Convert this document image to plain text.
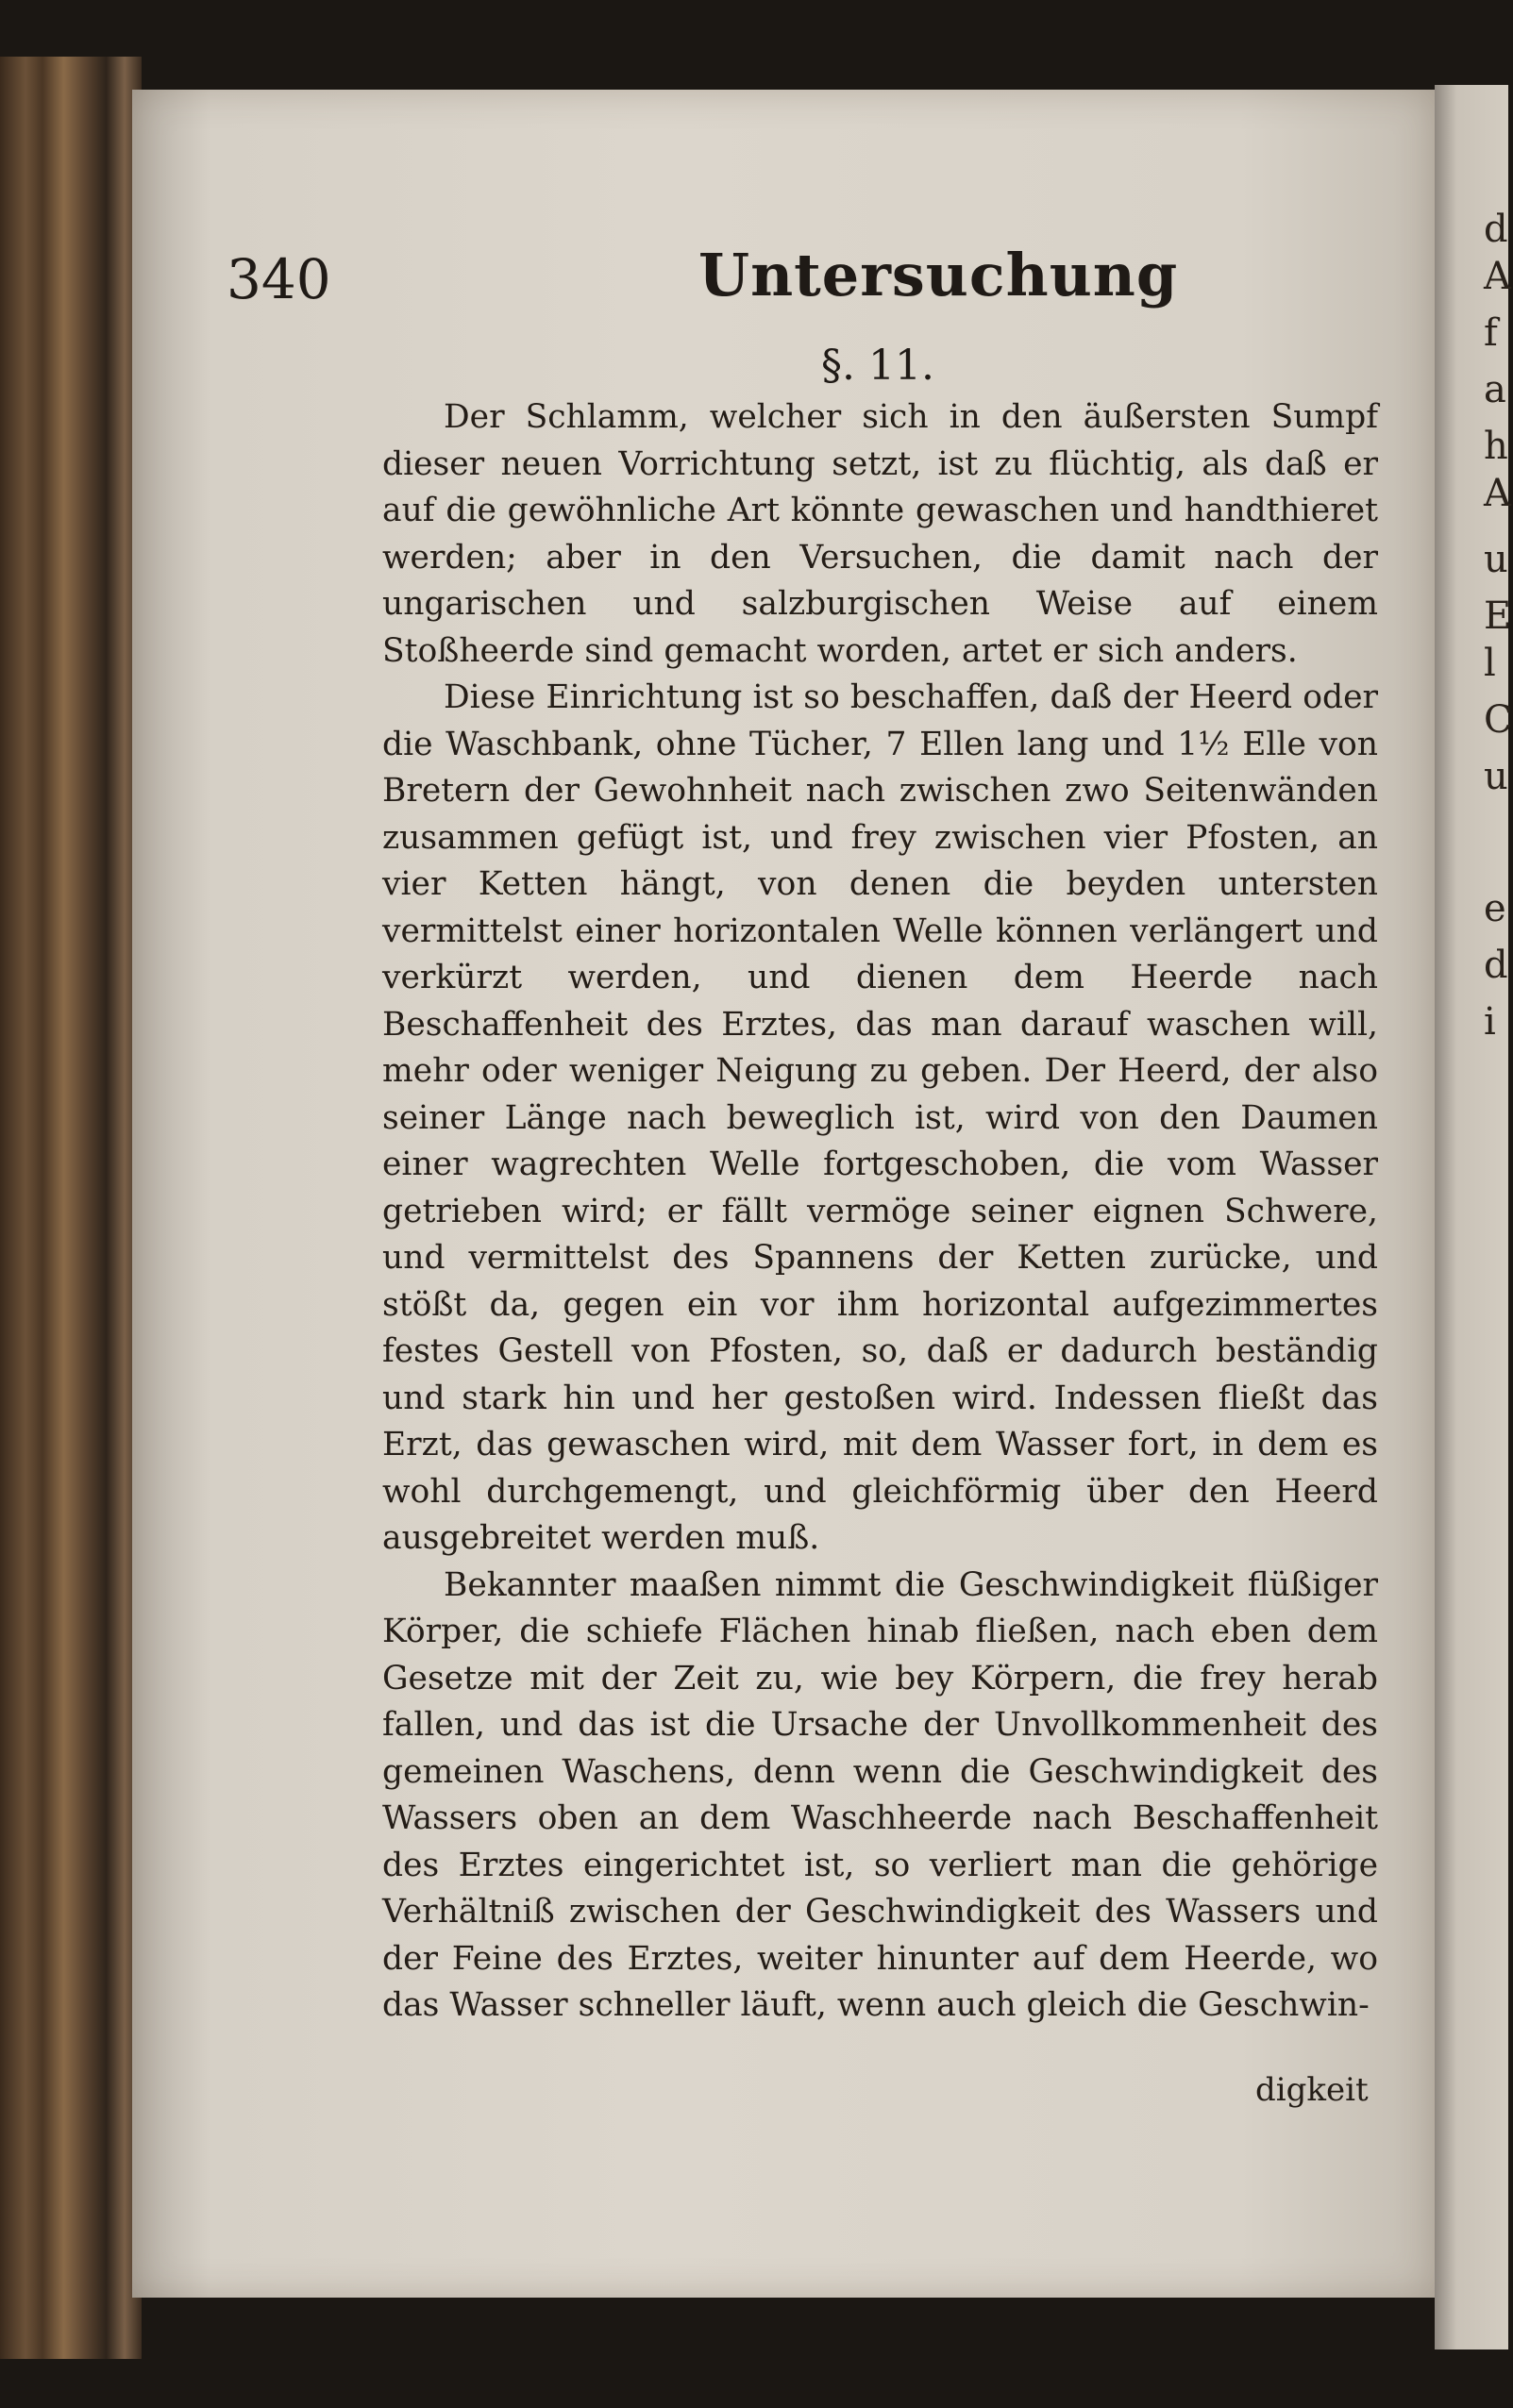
d
A
f
a
h
A
u
E
l
C
u
e
d
i
340	Untersuchung
§. 11.

Der Schlamm, welcher sich in den äußersten Sumpf dieser neuen Vorrichtung setzt, ist zu flüchtig, als daß er auf die gewöhnliche Art könnte gewaschen und handthieret werden; aber in den Versuchen, die damit nach der ungarischen und salzburgischen Weise auf einem Stoßheerde sind gemacht worden, artet er sich anders.

Diese Einrichtung ist so beschaffen, daß der Heerd oder die Waschbank, ohne Tücher, 7 Ellen lang und 1½ Elle von Bretern der Gewohnheit nach zwischen zwo Seitenwänden zusammen gefügt ist, und frey zwischen vier Pfosten, an vier Ketten hängt, von denen die beyden untersten vermittelst einer horizontalen Welle können verlängert und verkürzt werden, und dienen dem Heerde nach Beschaffenheit des Erztes, das man darauf waschen will, mehr oder weniger Neigung zu geben. Der Heerd, der also seiner Länge nach beweglich ist, wird von den Daumen einer wagrechten Welle fortgeschoben, die vom Wasser getrieben wird; er fällt vermöge seiner eignen Schwere, und vermittelst des Spannens der Ketten zurücke, und stößt da, gegen ein vor ihm horizontal aufgezimmertes festes Gestell von Pfosten, so, daß er dadurch beständig und stark hin und her gestoßen wird. Indessen fließt das Erzt, das gewaschen wird, mit dem Wasser fort, in dem es wohl durchgemengt, und gleichförmig über den Heerd ausgebreitet werden muß.

Bekannter maaßen nimmt die Geschwindigkeit flüßiger Körper, die schiefe Flächen hinab fließen, nach eben dem Gesetze mit der Zeit zu, wie bey Körpern, die frey herab fallen, und das ist die Ursache der Unvollkommenheit des gemeinen Waschens, denn wenn die Geschwindigkeit des Wassers oben an dem Waschheerde nach Beschaffenheit des Erztes eingerichtet ist, so verliert man die gehörige Verhältniß zwischen der Geschwindigkeit des Wassers und der Feine des Erztes, weiter hinunter auf dem Heerde, wo das Wasser schneller läuft, wenn auch gleich die Geschwin-

digkeit
